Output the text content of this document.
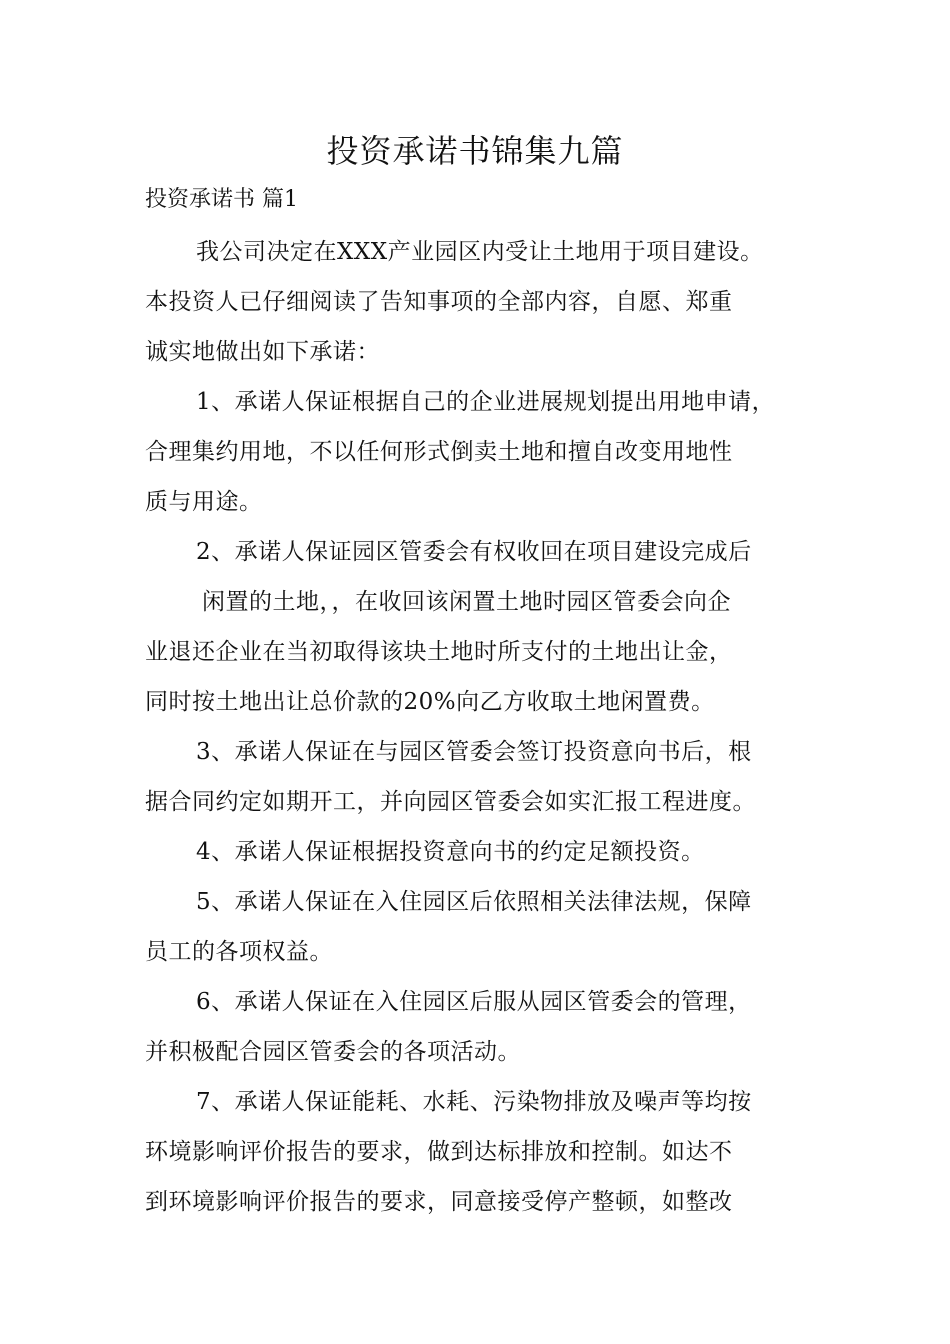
投资承诺书锦集九篇

投资承诺书 篇1

我公司决定在XXX产业园区内受让土地用于项目建设。

本投资人已仔细阅读了告知事项的全部内容，自愿、郑重

诚实地做出如下承诺：

1、承诺人保证根据自己的企业进展规划提出用地申请，

合理集约用地，不以任何形式倒卖土地和擅自改变用地性

质与用途。

2、承诺人保证园区管委会有权收回在项目建设完成后

闲置的土地，，在收回该闲置土地时园区管委会向企

业退还企业在当初取得该块土地时所支付的土地出让金，

同时按土地出让总价款的20%向乙方收取土地闲置费。

3、承诺人保证在与园区管委会签订投资意向书后，根

据合同约定如期开工，并向园区管委会如实汇报工程进度。

4、承诺人保证根据投资意向书的约定足额投资。

5、承诺人保证在入住园区后依照相关法律法规，保障

员工的各项权益。

6、承诺人保证在入住园区后服从园区管委会的管理，

并积极配合园区管委会的各项活动。

7、承诺人保证能耗、水耗、污染物排放及噪声等均按

环境影响评价报告的要求，做到达标排放和控制。如达不

到环境影响评价报告的要求，同意接受停产整顿，如整改
